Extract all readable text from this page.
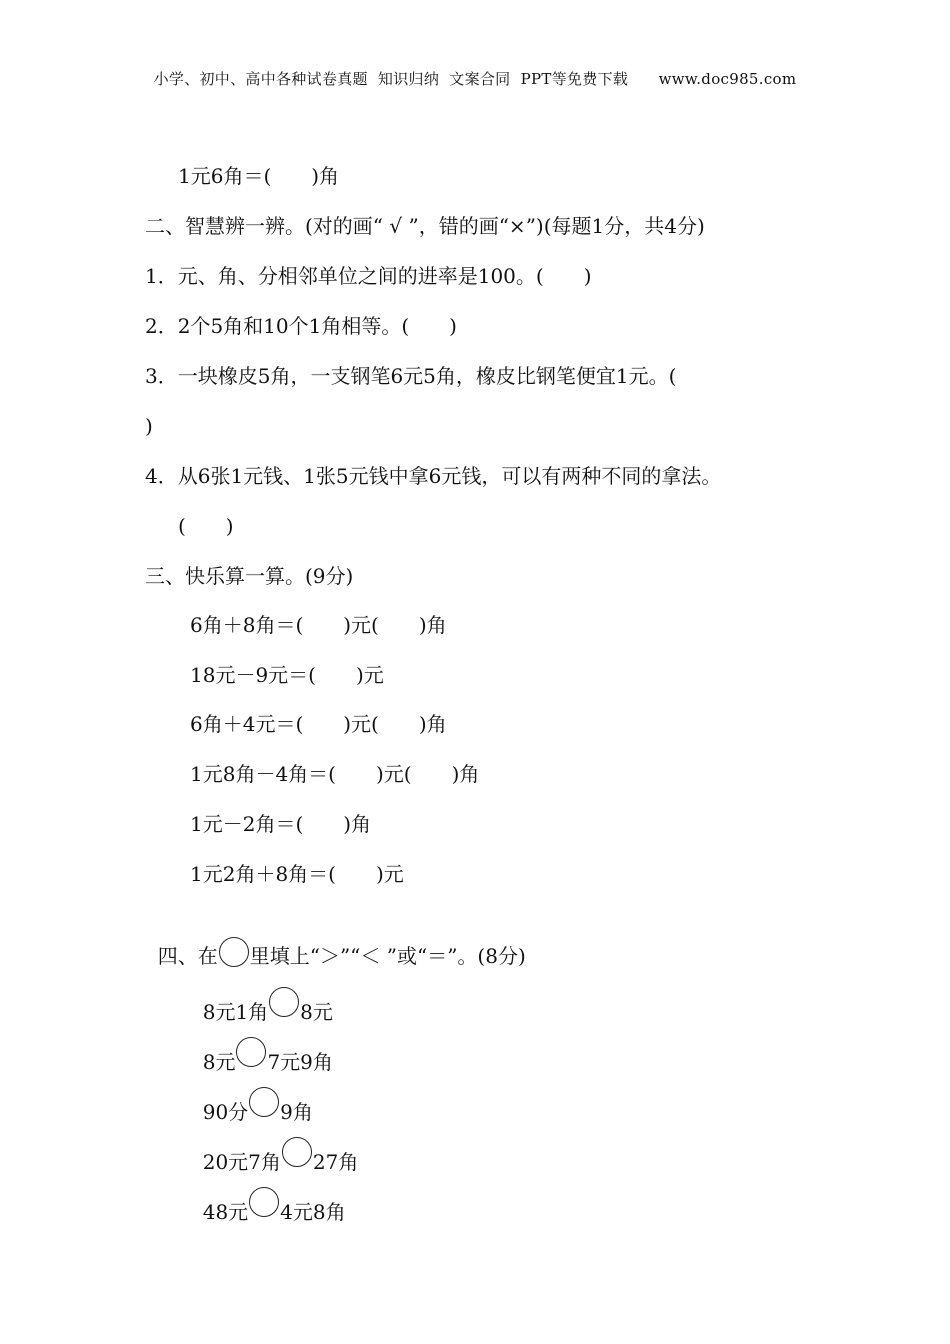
小学、初中、高中各种试卷真题  知识归纳  文案合同  PPT等免费下载      www.doc985.com
1元6角＝(　　)角
二、智慧辨一辨。(对的画“ √ ”，错的画“×”)(每题1分，共4分)
1．元、角、分相邻单位之间的进率是100。(　　)
2．2个5角和10个1角相等。(　　)
3．一块橡皮5角，一支钢笔6元5角，橡皮比钢笔便宜1元。(
)
4．从6张1元钱、1张5元钱中拿6元钱，可以有两种不同的拿法。
(　　)
三、快乐算一算。(9分)
6角＋8角＝(　　)元(　　)角
18元－9元＝(　　)元
6角＋4元＝(　　)元(　　)角
1元8角－4角＝(　　)元(　　)角
1元－2角＝(　　)角
1元2角＋8角＝(　　)元

四、在 里填上“＞”“＜ ”或“＝”。(8分)

8元1角 8元

8元 7元9角

90分 9角

20元7角 27角

48元 4元8角
